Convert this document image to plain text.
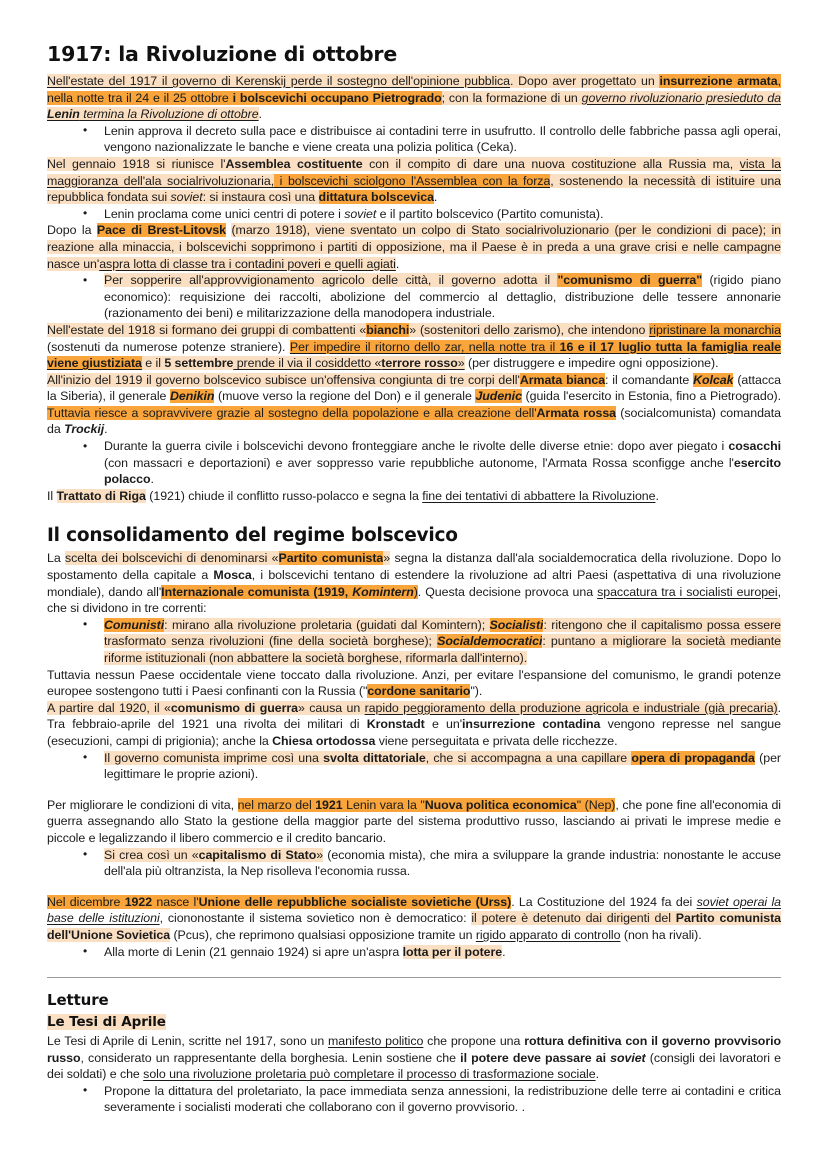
1917: la Rivoluzione di ottobre

Nell'estate del 1917 il governo di Kerenskij perde il sostegno dell'opinione pubblica. Dopo aver progettato un insurrezione armata, nella notte tra il 24 e il 25 ottobre i bolscevichi occupano Pietrogrado; con la formazione di un governo rivoluzionario presieduto da Lenin termina la Rivoluzione di ottobre.

• Lenin approva il decreto sulla pace e distribuisce ai contadini terre in usufrutto. Il controllo delle fabbriche passa agli operai, vengono nazionalizzate le banche e viene creata una polizia politica (Ceka).

Nel gennaio 1918 si riunisce l'Assemblea costituente con il compito di dare una nuova costituzione alla Russia ma, vista la maggioranza dell'ala socialrivoluzionaria, i bolscevichi sciolgono l'Assemblea con la forza, sostenendo la necessità di istituire una repubblica fondata sui soviet: si instaura così una dittatura bolscevica.

• Lenin proclama come unici centri di potere i soviet e il partito bolscevico (Partito comunista).

Dopo la Pace di Brest-Litovsk (marzo 1918), viene sventato un colpo di Stato socialrivoluzionario (per le condizioni di pace); in reazione alla minaccia, i bolscevichi sopprimono i partiti di opposizione, ma il Paese è in preda a una grave crisi e nelle campagne nasce un'aspra lotta di classe tra i contadini poveri e quelli agiati.

• Per sopperire all'approvvigionamento agricolo delle città, il governo adotta il "comunismo di guerra" (rigido piano economico): requisizione dei raccolti, abolizione del commercio al dettaglio, distribuzione delle tessere annonarie (razionamento dei beni) e militarizzazione della manodopera industriale.

Nell'estate del 1918 si formano dei gruppi di combattenti «bianchi» (sostenitori dello zarismo), che intendono ripristinare la monarchia (sostenuti da numerose potenze straniere). Per impedire il ritorno dello zar, nella notte tra il 16 e il 17 luglio tutta la famiglia reale viene giustiziata e il 5 settembre prende il via il cosiddetto «terrore rosso» (per distruggere e impedire ogni opposizione).

All'inizio del 1919 il governo bolscevico subisce un'offensiva congiunta di tre corpi dell'Armata bianca: il comandante Kolcak (attacca la Siberia), il generale Denikin (muove verso la regione del Don) e il generale Judenic (guida l'esercito in Estonia, fino a Pietrogrado). Tuttavia riesce a sopravvivere grazie al sostegno della popolazione e alla creazione dell'Armata rossa (socialcomunista) comandata da Trockij.

• Durante la guerra civile i bolscevichi devono fronteggiare anche le rivolte delle diverse etnie: dopo aver piegato i cosacchi (con massacri e deportazioni) e aver soppresso varie repubbliche autonome, l'Armata Rossa sconfigge anche l'esercito polacco.

Il Trattato di Riga (1921) chiude il conflitto russo-polacco e segna la fine dei tentativi di abbattere la Rivoluzione.

Il consolidamento del regime bolscevico

La scelta dei bolscevichi di denominarsi «Partito comunista» segna la distanza dall'ala socialdemocratica della rivoluzione. Dopo lo spostamento della capitale a Mosca, i bolscevichi tentano di estendere la rivoluzione ad altri Paesi (aspettativa di una rivoluzione mondiale), dando all'Internazionale comunista (1919, Komintern). Questa decisione provoca una spaccatura tra i socialisti europei, che si dividono in tre correnti:

• Comunisti: mirano alla rivoluzione proletaria (guidati dal Komintern); Socialisti: ritengono che il capitalismo possa essere trasformato senza rivoluzioni (fine della società borghese); Socialdemocratici: puntano a migliorare la società mediante riforme istituzionali (non abbattere la società borghese, riformarla dall'interno).

Tuttavia nessun Paese occidentale viene toccato dalla rivoluzione. Anzi, per evitare l'espansione del comunismo, le grandi potenze europee sostengono tutti i Paesi confinanti con la Russia ("cordone sanitario").

A partire dal 1920, il «comunismo di guerra» causa un rapido peggioramento della produzione agricola e industriale (già precaria). Tra febbraio-aprile del 1921 una rivolta dei militari di Kronstadt e un'insurrezione contadina vengono represse nel sangue (esecuzioni, campi di prigionia); anche la Chiesa ortodossa viene perseguitata e privata delle ricchezze.

• Il governo comunista imprime così una svolta dittatoriale, che si accompagna a una capillare opera di propaganda (per legittimare le proprie azioni).

Per migliorare le condizioni di vita, nel marzo del 1921 Lenin vara la "Nuova politica economica" (Nep), che pone fine all'economia di guerra assegnando allo Stato la gestione della maggior parte del sistema produttivo russo, lasciando ai privati le imprese medie e piccole e legalizzando il libero commercio e il credito bancario.

• Si crea così un «capitalismo di Stato» (economia mista), che mira a sviluppare la grande industria: nonostante le accuse dell'ala più oltranzista, la Nep risolleva l'economia russa.

Nel dicembre 1922 nasce l'Unione delle repubbliche socialiste sovietiche (Urss). La Costituzione del 1924 fa dei soviet operai la base delle istituzioni, ciononostante il sistema sovietico non è democratico: il potere è detenuto dai dirigenti del Partito comunista dell'Unione Sovietica (Pcus), che reprimono qualsiasi opposizione tramite un rigido apparato di controllo (non ha rivali).

• Alla morte di Lenin (21 gennaio 1924) si apre un'aspra lotta per il potere.
Letture
Le Tesi di Aprile

Le Tesi di Aprile di Lenin, scritte nel 1917, sono un manifesto politico che propone una rottura definitiva con il governo provvisorio russo, considerato un rappresentante della borghesia. Lenin sostiene che il potere deve passare ai soviet (consigli dei lavoratori e dei soldati) e che solo una rivoluzione proletaria può completare il processo di trasformazione sociale.

• Propone la dittatura del proletariato, la pace immediata senza annessioni, la redistribuzione delle terre ai contadini e critica severamente i socialisti moderati che collaborano con il governo provvisorio. .
